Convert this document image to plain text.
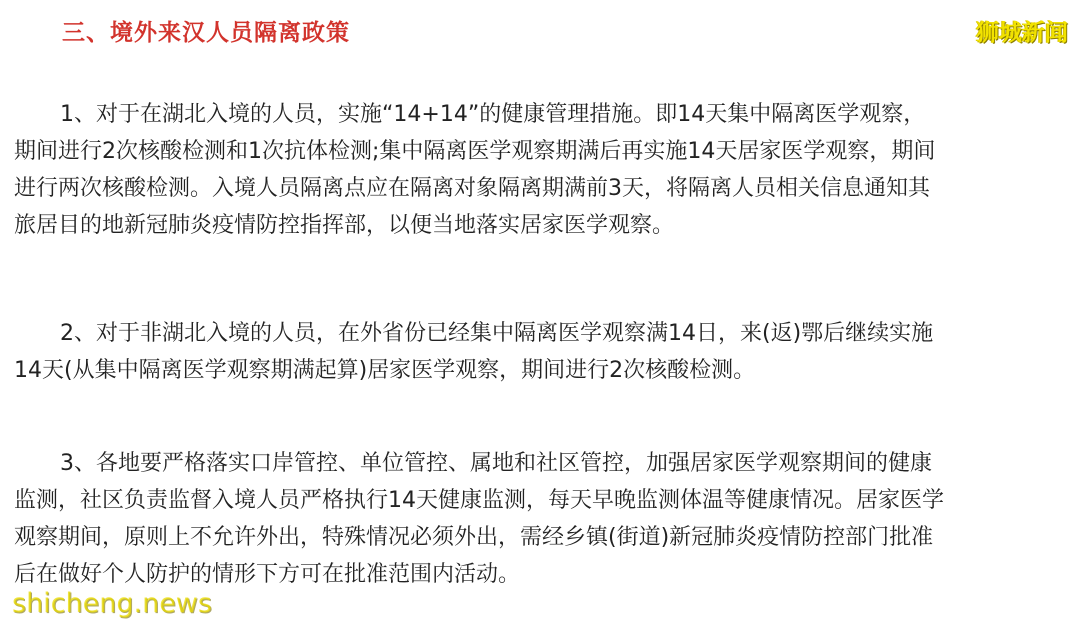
三、境外来汉人员隔离政策	狮城新闻
1、对于在湖北入境的人员，实施“14+14”的健康管理措施。即14天集中隔离医学观察，
期间进行2次核酸检测和1次抗体检测;集中隔离医学观察期满后再实施14天居家医学观察，期间
进行两次核酸检测。入境人员隔离点应在隔离对象隔离期满前3天，将隔离人员相关信息通知其
旅居目的地新冠肺炎疫情防控指挥部，以便当地落实居家医学观察。
2、对于非湖北入境的人员，在外省份已经集中隔离医学观察满14日，来(返)鄂后继续实施
14天(从集中隔离医学观察期满起算)居家医学观察，期间进行2次核酸检测。
3、各地要严格落实口岸管控、单位管控、属地和社区管控，加强居家医学观察期间的健康
监测，社区负责监督入境人员严格执行14天健康监测，每天早晚监测体温等健康情况。居家医学
观察期间，原则上不允许外出，特殊情况必须外出，需经乡镇(街道)新冠肺炎疫情防控部门批准
后在做好个人防护的情形下方可在批准范围内活动。
shicheng.news
